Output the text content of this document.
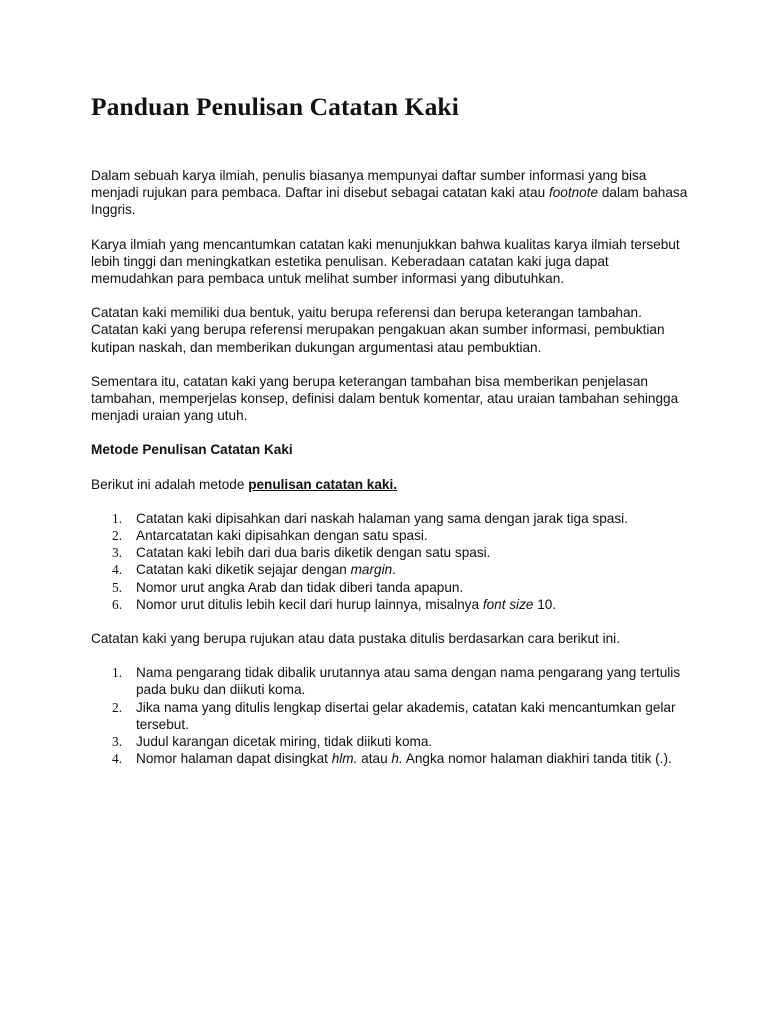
Panduan Penulisan Catatan Kaki

Dalam sebuah karya ilmiah, penulis biasanya mempunyai daftar sumber informasi yang bisa menjadi rujukan para pembaca. Daftar ini disebut sebagai catatan kaki atau footnote dalam bahasa Inggris.

Karya ilmiah yang mencantumkan catatan kaki menunjukkan bahwa kualitas karya ilmiah tersebut lebih tinggi dan meningkatkan estetika penulisan. Keberadaan catatan kaki juga dapat memudahkan para pembaca untuk melihat sumber informasi yang dibutuhkan.

Catatan kaki memiliki dua bentuk, yaitu berupa referensi dan berupa keterangan tambahan. Catatan kaki yang berupa referensi merupakan pengakuan akan sumber informasi, pembuktian kutipan naskah, dan memberikan dukungan argumentasi atau pembuktian.

Sementara itu, catatan kaki yang berupa keterangan tambahan bisa memberikan penjelasan tambahan, memperjelas konsep, definisi dalam bentuk komentar, atau uraian tambahan sehingga menjadi uraian yang utuh.

Metode Penulisan Catatan Kaki

Berikut ini adalah metode penulisan catatan kaki.

1. Catatan kaki dipisahkan dari naskah halaman yang sama dengan jarak tiga spasi.
2. Antarcatatan kaki dipisahkan dengan satu spasi.
3. Catatan kaki lebih dari dua baris diketik dengan satu spasi.
4. Catatan kaki diketik sejajar dengan margin.
5. Nomor urut angka Arab dan tidak diberi tanda apapun.
6. Nomor urut ditulis lebih kecil dari hurup lainnya, misalnya font size 10.

Catatan kaki yang berupa rujukan atau data pustaka ditulis berdasarkan cara berikut ini.

1. Nama pengarang tidak dibalik urutannya atau sama dengan nama pengarang yang tertulis pada buku dan diikuti koma.
2. Jika nama yang ditulis lengkap disertai gelar akademis, catatan kaki mencantumkan gelar tersebut.
3. Judul karangan dicetak miring, tidak diikuti koma.
4. Nomor halaman dapat disingkat hlm. atau h. Angka nomor halaman diakhiri tanda titik (.).
